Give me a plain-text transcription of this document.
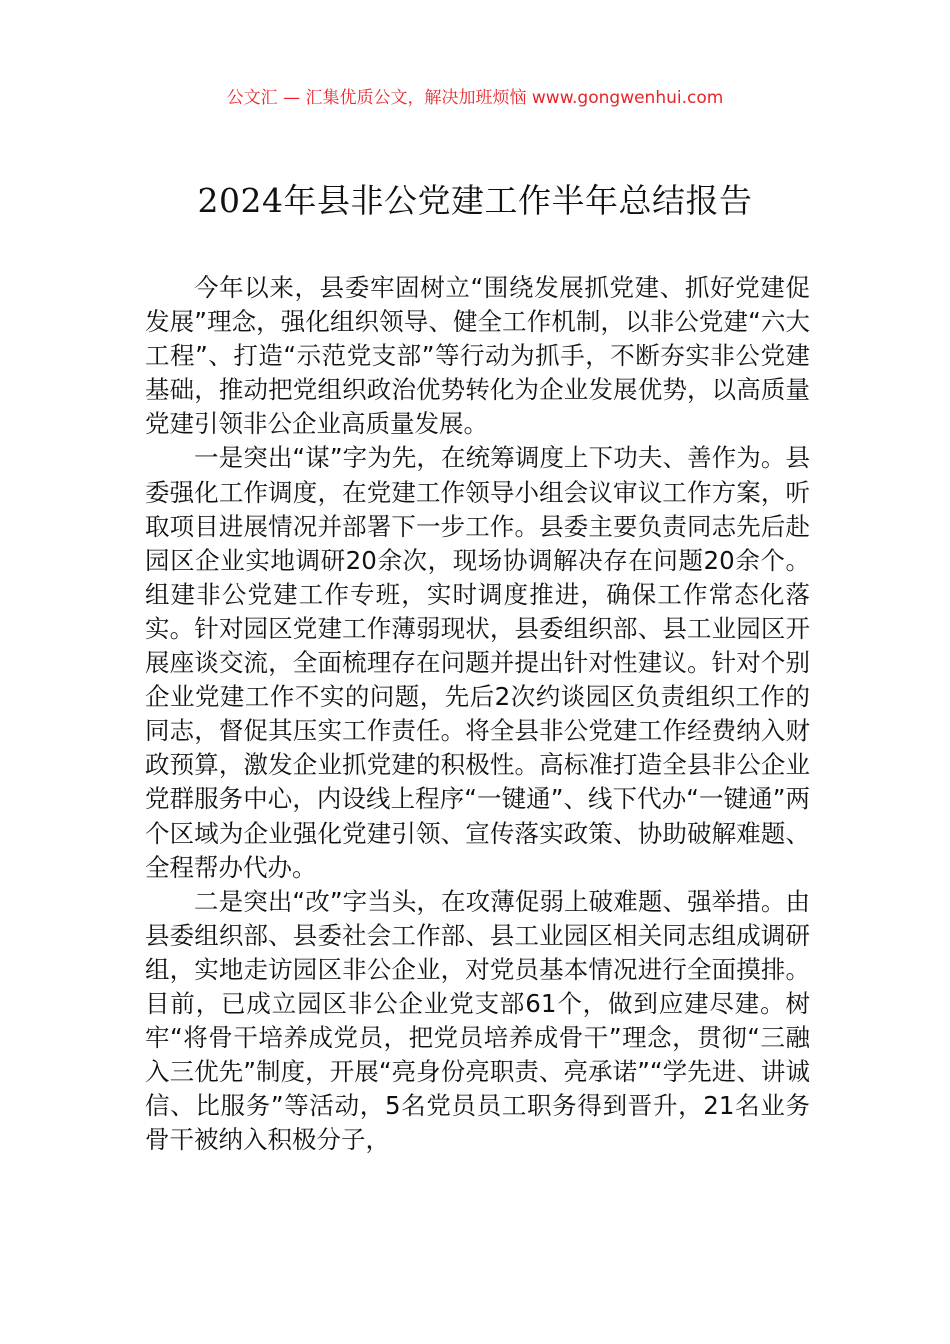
公文汇 — 汇集优质公文，解决加班烦恼 www.gongwenhui.com
2024年县非公党建工作半年总结报告

今年以来，县委牢固树立“围绕发展抓党建、抓好党建促发展”理念，强化组织领导、健全工作机制，以非公党建“六大工程”、打造“示范党支部”等行动为抓手，不断夯实非公党建基础，推动把党组织政治优势转化为企业发展优势，以高质量党建引领非公企业高质量发展。

一是突出“谋”字为先，在统筹调度上下功夫、善作为。县委强化工作调度，在党建工作领导小组会议审议工作方案，听取项目进展情况并部署下一步工作。县委主要负责同志先后赴园区企业实地调研20余次，现场协调解决存在问题20余个。组建非公党建工作专班，实时调度推进，确保工作常态化落实。针对园区党建工作薄弱现状，县委组织部、县工业园区开展座谈交流，全面梳理存在问题并提出针对性建议。针对个别企业党建工作不实的问题，先后2次约谈园区负责组织工作的同志，督促其压实工作责任。将全县非公党建工作经费纳入财政预算，激发企业抓党建的积极性。高标准打造全县非公企业党群服务中心，内设线上程序“一键通”、线下代办“一键通”两个区域为企业强化党建引领、宣传落实政策、协助破解难题、全程帮办代办。

二是突出“改”字当头，在攻薄促弱上破难题、强举措。由县委组织部、县委社会工作部、县工业园区相关同志组成调研组，实地走访园区非公企业，对党员基本情况进行全面摸排。目前，已成立园区非公企业党支部61个，做到应建尽建。树牢“将骨干培养成党员，把党员培养成骨干”理念，贯彻“三融入三优先”制度，开展“亮身份亮职责、亮承诺”“学先进、讲诚信、比服务”等活动，5名党员员工职务得到晋升，21名业务骨干被纳入积极分子，
